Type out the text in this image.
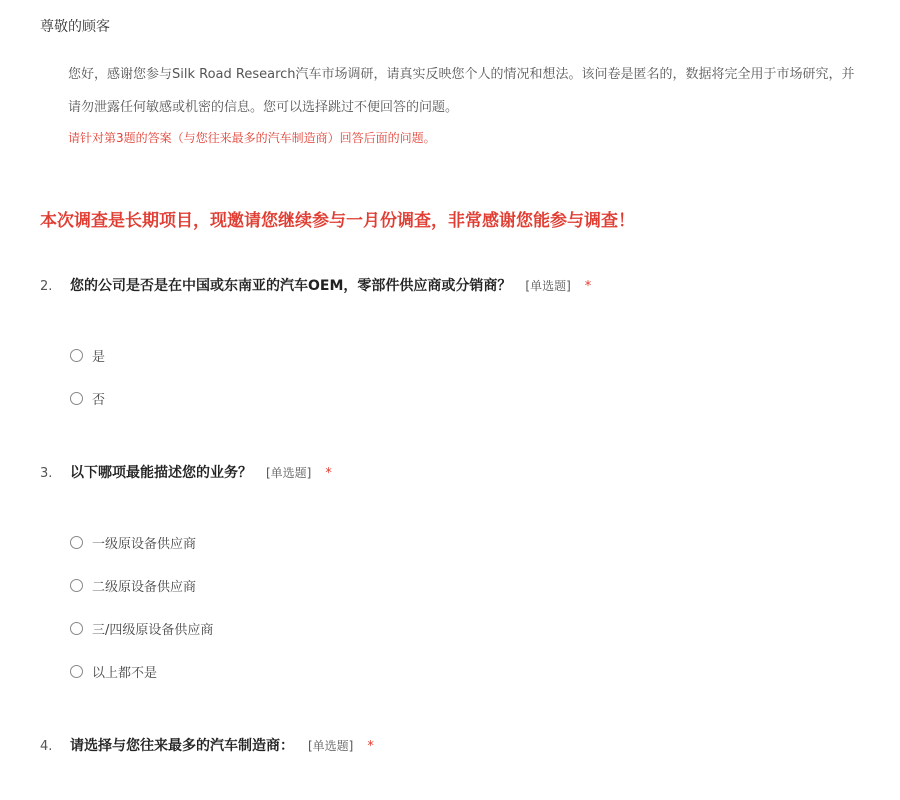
尊敬的顾客
您好，感谢您参与Silk Road Research汽车市场调研，请真实反映您个人的情况和想法。该问卷是匿名的，数据将完全用于市场研究，并
请勿泄露任何敏感或机密的信息。您可以选择跳过不便回答的问题。
请针对第3题的答案（与您往来最多的汽车制造商）回答后面的问题。
本次调查是长期项目，现邀请您继续参与一月份调查，非常感谢您能参与调查！
2.	您的公司是否是在中国或东南亚的汽车OEM，零部件供应商或分销商？ [单选题] *
是
否
3.	以下哪项最能描述您的业务？ [单选题] *
一级原设备供应商
二级原设备供应商
三/四级原设备供应商
以上都不是
4.	请选择与您往来最多的汽车制造商： [单选题] *
